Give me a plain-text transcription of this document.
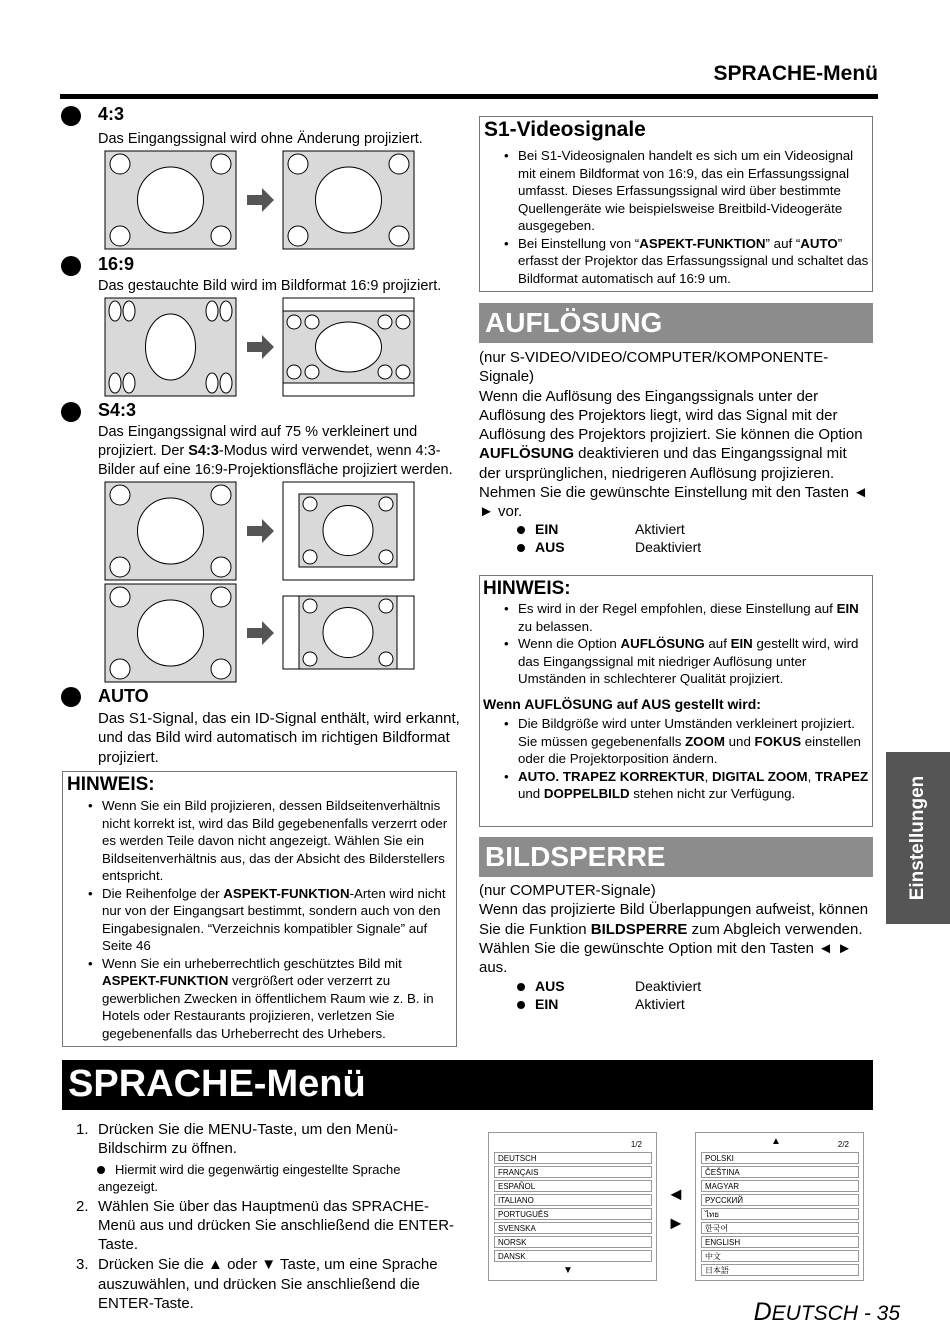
SPRACHE-Menü
4:3
Das Eingangssignal wird ohne Änderung projiziert.
16:9
Das gestauchte Bild wird im Bildformat 16:9 projiziert.
S4:3
Das Eingangssignal wird auf 75 % verkleinert und projiziert. Der S4:3-Modus wird verwendet, wenn 4:3-Bilder auf eine 16:9-Projektionsfläche projiziert werden.
AUTO
Das S1-Signal, das ein ID-Signal enthält, wird erkannt, und das Bild wird automatisch im richtigen Bildformat projiziert.
HINWEIS:
• Wenn Sie ein Bild projizieren, dessen Bildseitenverhältnis nicht korrekt ist, wird das Bild gegebenenfalls verzerrt oder es werden Teile davon nicht angezeigt. Wählen Sie ein Bildseitenverhältnis aus, das der Absicht des Bilderstellers entspricht.
• Die Reihenfolge der ASPEKT-FUNKTION-Arten wird nicht nur von der Eingangsart bestimmt, sondern auch von den Eingabesignalen. “Verzeichnis kompatibler Signale” auf Seite 46
• Wenn Sie ein urheberrechtlich geschütztes Bild mit ASPEKT-FUNKTION vergrößert oder verzerrt zu gewerblichen Zwecken in öffentlichem Raum wie z. B. in Hotels oder Restaurants projizieren, verletzen Sie gegebenenfalls das Urheberrecht des Urhebers.
S1-Videosignale
• Bei S1-Videosignalen handelt es sich um ein Videosignal mit einem Bildformat von 16:9, das ein Erfassungssignal umfasst. Dieses Erfassungssignal wird über bestimmte Quellengeräte wie beispielsweise Breitbild-Videogeräte ausgegeben.
• Bei Einstellung von “ASPEKT-FUNKTION” auf “AUTO” erfasst der Projektor das Erfassungssignal und schaltet das Bildformat automatisch auf 16:9 um.
AUFLÖSUNG
(nur S-VIDEO/VIDEO/COMPUTER/KOMPONENTE-Signale)
Wenn die Auflösung des Eingangssignals unter der Auflösung des Projektors liegt, wird das Signal mit der Auflösung des Projektors projiziert. Sie können die Option AUFLÖSUNG deaktivieren und das Eingangssignal mit der ursprünglichen, niedrigeren Auflösung projizieren. Nehmen Sie die gewünschte Einstellung mit den Tasten ◄ ► vor.
EIN	Aktiviert
AUS	Deaktiviert
HINWEIS:
• Es wird in der Regel empfohlen, diese Einstellung auf EIN zu belassen.
• Wenn die Option AUFLÖSUNG auf EIN gestellt wird, wird das Eingangssignal mit niedriger Auflösung unter Umständen in schlechterer Qualität projiziert.
Wenn AUFLÖSUNG auf AUS gestellt wird:
• Die Bildgröße wird unter Umständen verkleinert projiziert. Sie müssen gegebenenfalls ZOOM und FOKUS einstellen oder die Projektorposition ändern.
• AUTO. TRAPEZ KORREKTUR, DIGITAL ZOOM, TRAPEZ und DOPPELBILD stehen nicht zur Verfügung.
BILDSPERRE
(nur COMPUTER-Signale)
Wenn das projizierte Bild Überlappungen aufweist, können Sie die Funktion BILDSPERRE zum Abgleich verwenden. Wählen Sie die gewünschte Option mit den Tasten ◄ ► aus.
AUS	Deaktiviert
EIN	Aktiviert
Einstellungen
SPRACHE-Menü
1. Drücken Sie die MENU-Taste, um den Menü-Bildschirm zu öffnen.
Hiermit wird die gegenwärtig eingestellte Sprache angezeigt.
2. Wählen Sie über das Hauptmenü das SPRACHE-Menü aus und drücken Sie anschließend die ENTER-Taste.
3. Drücken Sie die ▲ oder ▼ Taste, um eine Sprache auszuwählen, und drücken Sie anschließend die ENTER-Taste.
1/2
DEUTSCH
FRANÇAIS
ESPAÑOL
ITALIANO
PORTUGUÊS
SVENSKA
NORSK
DANSK
▼
◄
►
▲	2/2
POLSKI
ČEŠTINA
MAGYAR
РУССКИЙ
ไทย
한국어
ENGLISH
中文
日本語
DEUTSCH - 35
